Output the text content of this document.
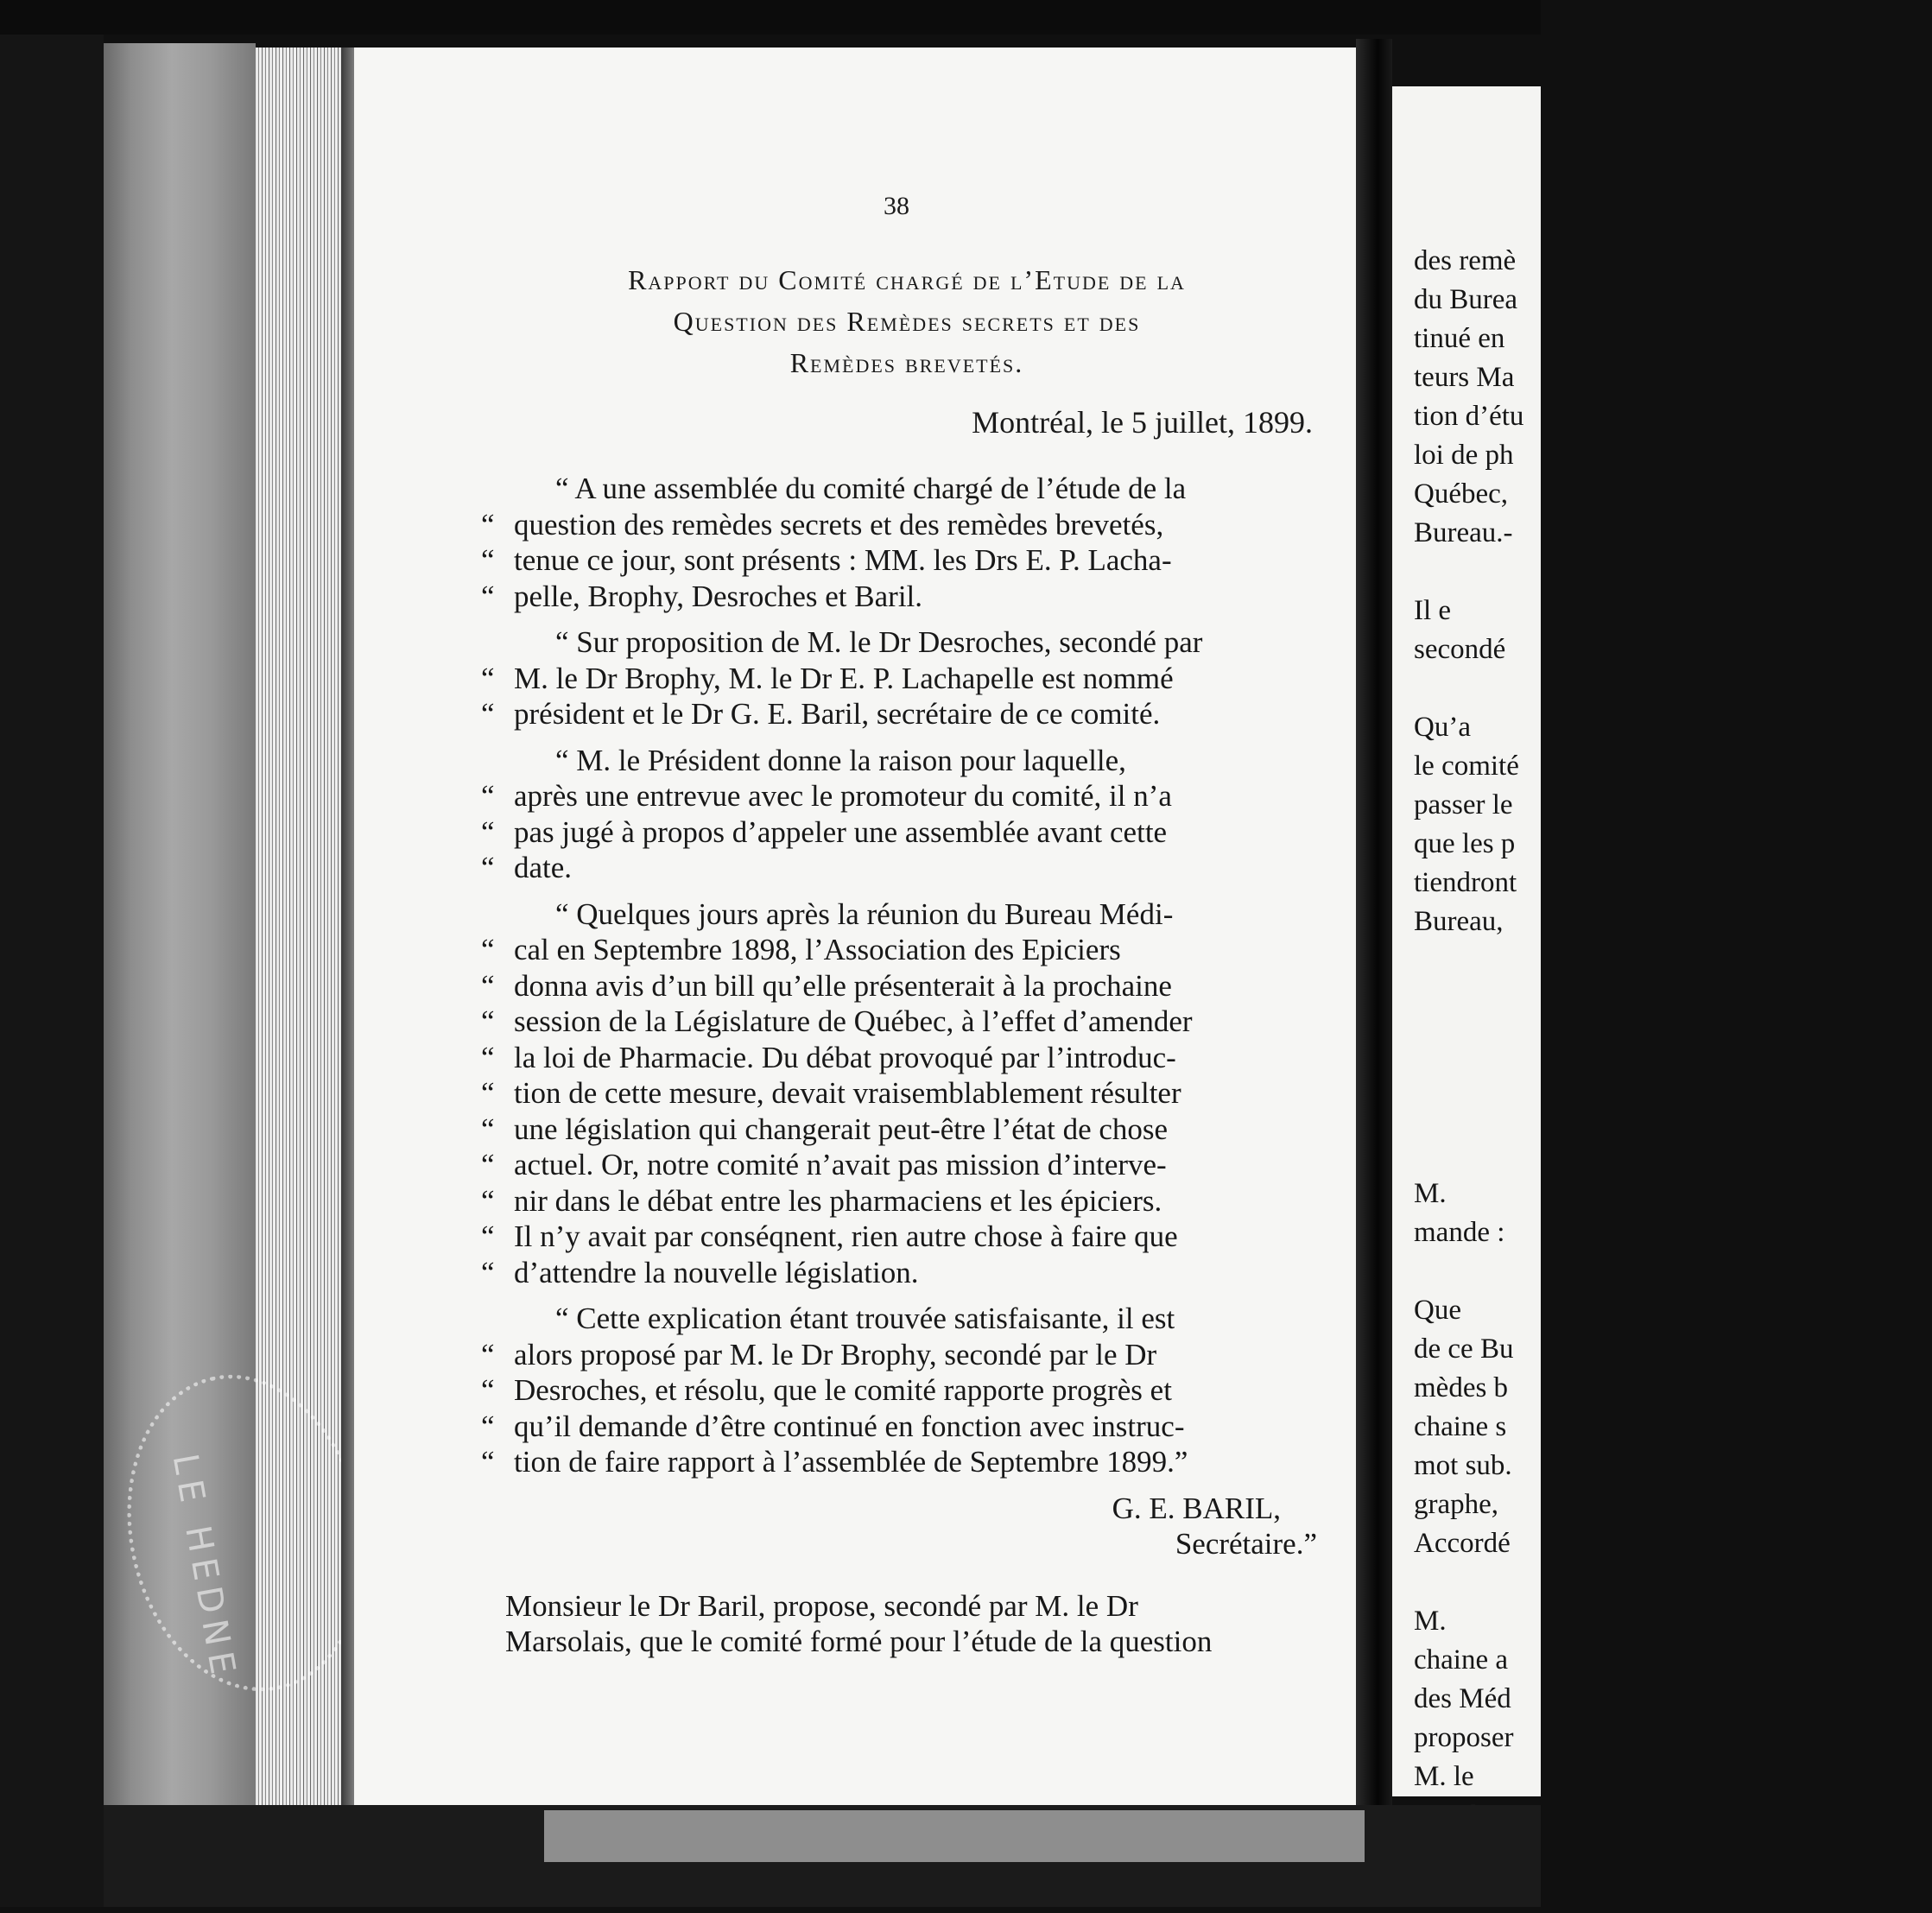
LE HEDNE
des remè
du Burea
tinué en
teurs Ma
tion d’étu
loi de ph
Québec,
Bureau.-

Il e
secondé

Qu’a
le comité
passer le
que les p
tiendront
Bureau,

M.
mande :

Que
de ce Bu
mèdes b
chaine s
mot sub.
graphe,
Accordé

M.
chaine a
des Méd
proposer
M. le
38
Rapport du Comité chargé de l’Etude de la
Question des Remèdes secrets et des
Remèdes brevetés.
Montréal, le 5 juillet, 1899.
“ A une assemblée du comité chargé de l’étude de la
“ question des remèdes secrets et des remèdes brevetés,
“ tenue ce jour, sont présents : MM. les Drs E. P. Lacha-
“ pelle, Brophy, Desroches et Baril.
“ Sur proposition de M. le Dr Desroches, secondé par
“ M. le Dr Brophy, M. le Dr E. P. Lachapelle est nommé
“ président et le Dr G. E. Baril, secrétaire de ce comité.
“ M. le Président donne la raison pour laquelle,
“ après une entrevue avec le promoteur du comité, il n’a
“ pas jugé à propos d’appeler une assemblée avant cette
“ date.
“ Quelques jours après la réunion du Bureau Médi-
“ cal en Septembre 1898, l’Association des Epiciers
“ donna avis d’un bill qu’elle présenterait à la prochaine
“ session de la Législature de Québec, à l’effet d’amender
“ la loi de Pharmacie. Du débat provoqué par l’introduc-
“ tion de cette mesure, devait vraisemblablement résulter
“ une législation qui changerait peut-être l’état de chose
“ actuel. Or, notre comité n’avait pas mission d’interve-
“ nir dans le débat entre les pharmaciens et les épiciers.
“ Il n’y avait par conséqnent, rien autre chose à faire que
“ d’attendre la nouvelle législation.
“ Cette explication étant trouvée satisfaisante, il est
“ alors proposé par M. le Dr Brophy, secondé par le Dr
“ Desroches, et résolu, que le comité rapporte progrès et
“ qu’il demande d’être continué en fonction avec instruc-
“ tion de faire rapport à l’assemblée de Septembre 1899.”
G. E. BARIL,
Secrétaire.”
Monsieur le Dr Baril, propose, secondé par M. le Dr
Marsolais, que le comité formé pour l’étude de la question
